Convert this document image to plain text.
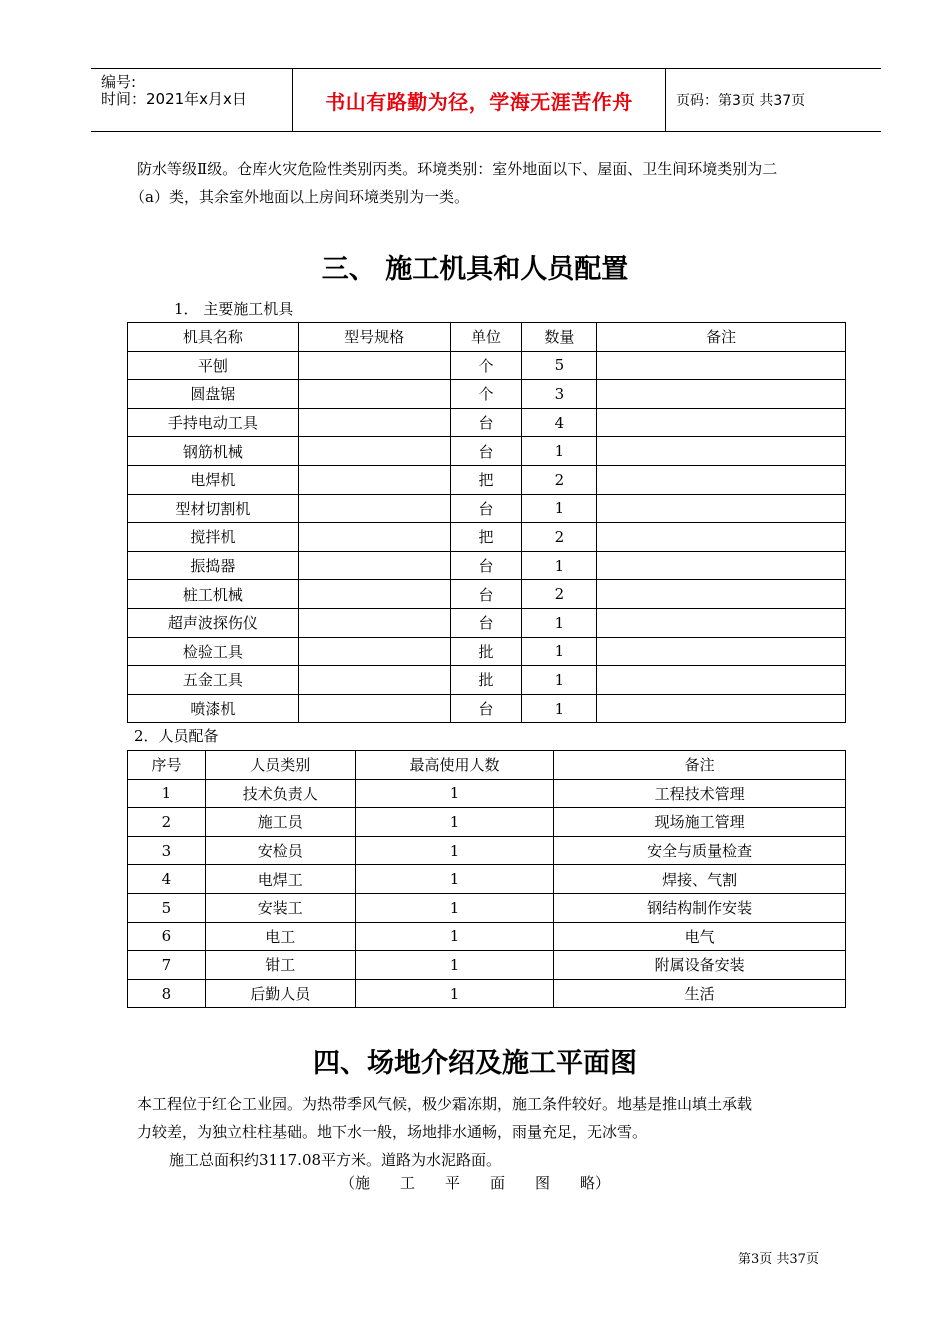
编号:
时间：2021年x月x日	书山有路勤为径，学海无涯苦作舟	页码：第3页 共37页
防水等级Ⅱ级。仓库火灾危险性类别丙类。环境类别：室外地面以下、屋面、卫生间环境类别为二
（a）类，其余室外地面以上房间环境类别为一类。
三、 施工机具和人员配置
1． 主要施工机具
机具名称	型号规格	单位	数量	备注
平刨		个	5	
圆盘锯		个	3	
手持电动工具		台	4	
钢筋机械		台	1	
电焊机		把	2	
型材切割机		台	1	
搅拌机		把	2	
振捣器		台	1	
桩工机械		台	2	
超声波探伤仪		台	1	
检验工具		批	1	
五金工具		批	1	
喷漆机		台	1	
2．人员配备
序号	人员类别	最高使用人数	备注
1	技术负责人	1	工程技术管理
2	施工员	1	现场施工管理
3	安检员	1	安全与质量检查
4	电焊工	1	焊接、气割
5	安装工	1	钢结构制作安装
6	电工	1	电气
7	钳工	1	附属设备安装
8	后勤人员	1	生活
四、场地介绍及施工平面图
本工程位于红仑工业园。为热带季风气候，极少霜冻期，施工条件较好。地基是推山填土承载
力较差，为独立柱柱基础。地下水一般，场地排水通畅，雨量充足，无冰雪。
施工总面积约3117.08平方米。道路为水泥路面。
（施　　工　　平　　面　　图　　略）
第3页 共37页
